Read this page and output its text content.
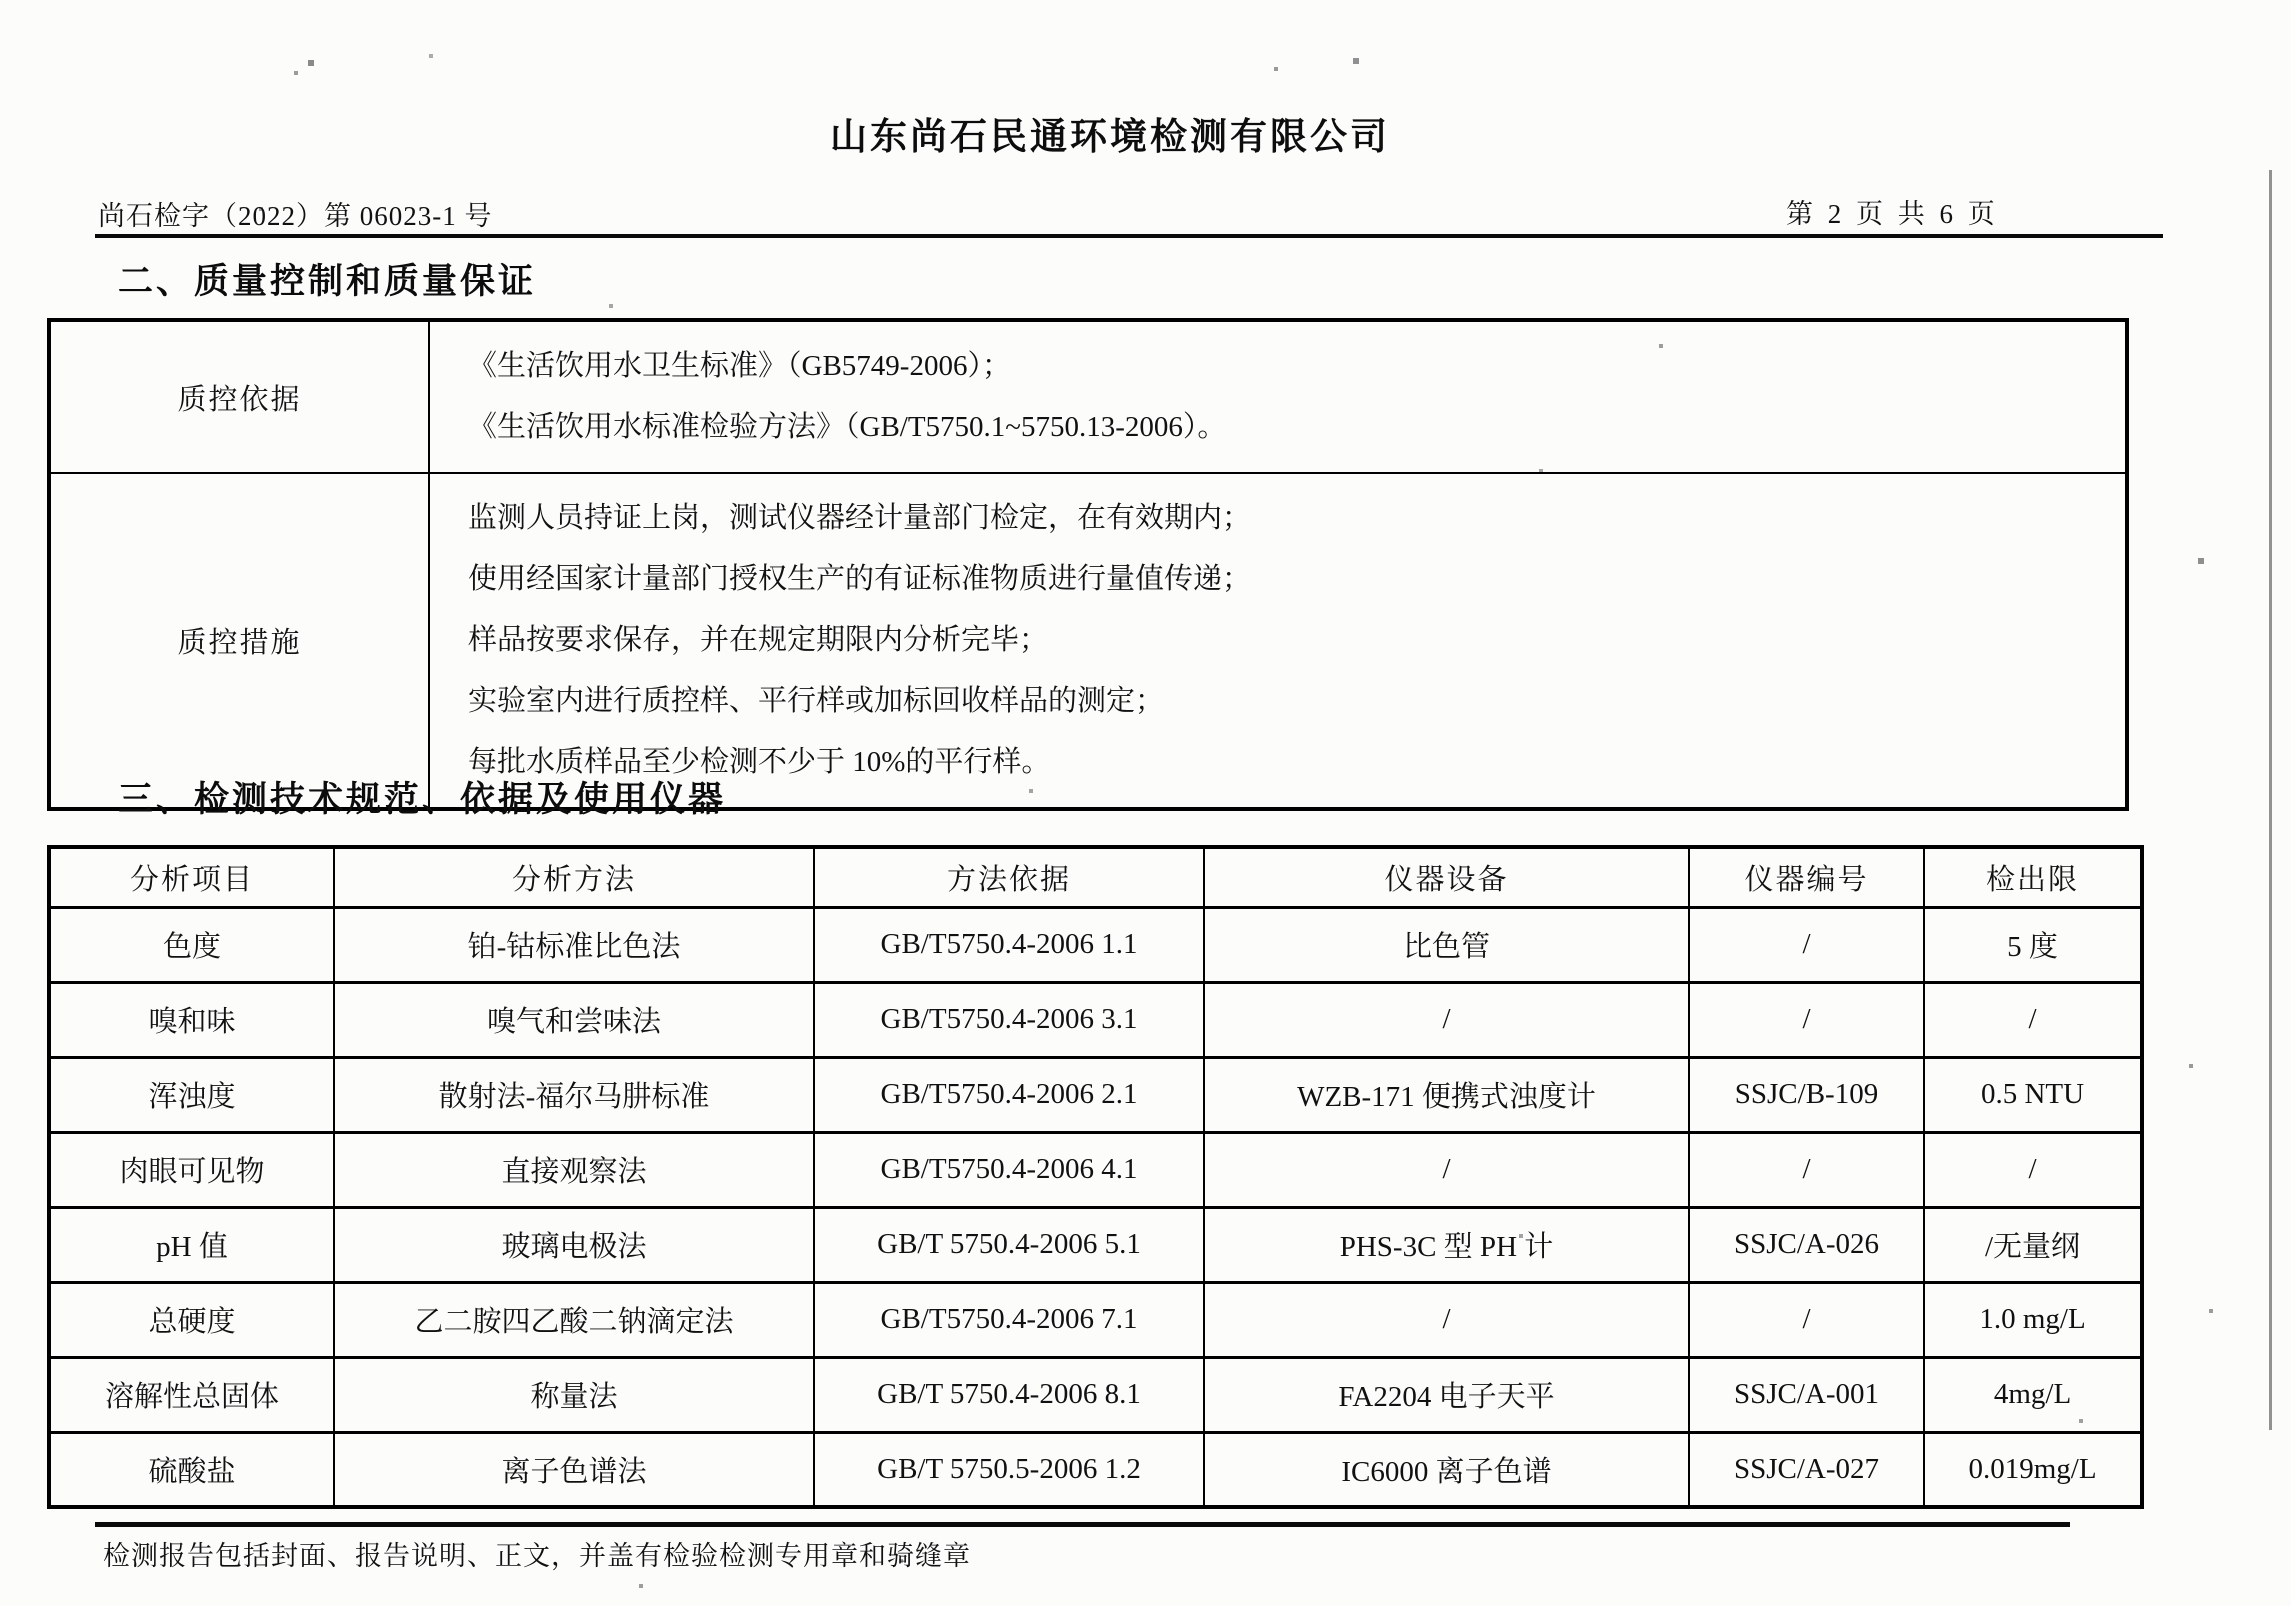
山东尚石民通环境检测有限公司
尚石检字（2022）第 06023-1 号	第 2 页 共 6 页
二、质量控制和质量保证
质控依据	《生活饮用水卫生标准》（GB5749-2006）；
《生活饮用水标准检验方法》（GB/T5750.1~5750.13-2006）。

质控措施	监测人员持证上岗，测试仪器经计量部门检定，在有效期内；
使用经国家计量部门授权生产的有证标准物质进行量值传递；
样品按要求保存，并在规定期限内分析完毕；
实验室内进行质控样、平行样或加标回收样品的测定；
每批水质样品至少检测不少于 10%的平行样。
三、检测技术规范、依据及使用仪器
分析项目	分析方法	方法依据	仪器设备	仪器编号	检出限
色度	铂-钴标准比色法	GB/T5750.4-2006 1.1	比色管	/	5 度
嗅和味	嗅气和尝味法	GB/T5750.4-2006 3.1	/	/	/
浑浊度	散射法-福尔马肼标准	GB/T5750.4-2006 2.1	WZB-171 便携式浊度计	SSJC/B-109	0.5 NTU
肉眼可见物	直接观察法	GB/T5750.4-2006 4.1	/	/	/
pH 值	玻璃电极法	GB/T 5750.4-2006 5.1	PHS-3C 型 PH 计	SSJC/A-026	/无量纲
总硬度	乙二胺四乙酸二钠滴定法	GB/T5750.4-2006 7.1	/	/	1.0 mg/L
溶解性总固体	称量法	GB/T 5750.4-2006 8.1	FA2204 电子天平	SSJC/A-001	4mg/L
硫酸盐	离子色谱法	GB/T 5750.5-2006 1.2	IC6000 离子色谱	SSJC/A-027	0.019mg/L
检测报告包括封面、报告说明、正文，并盖有检验检测专用章和骑缝章
